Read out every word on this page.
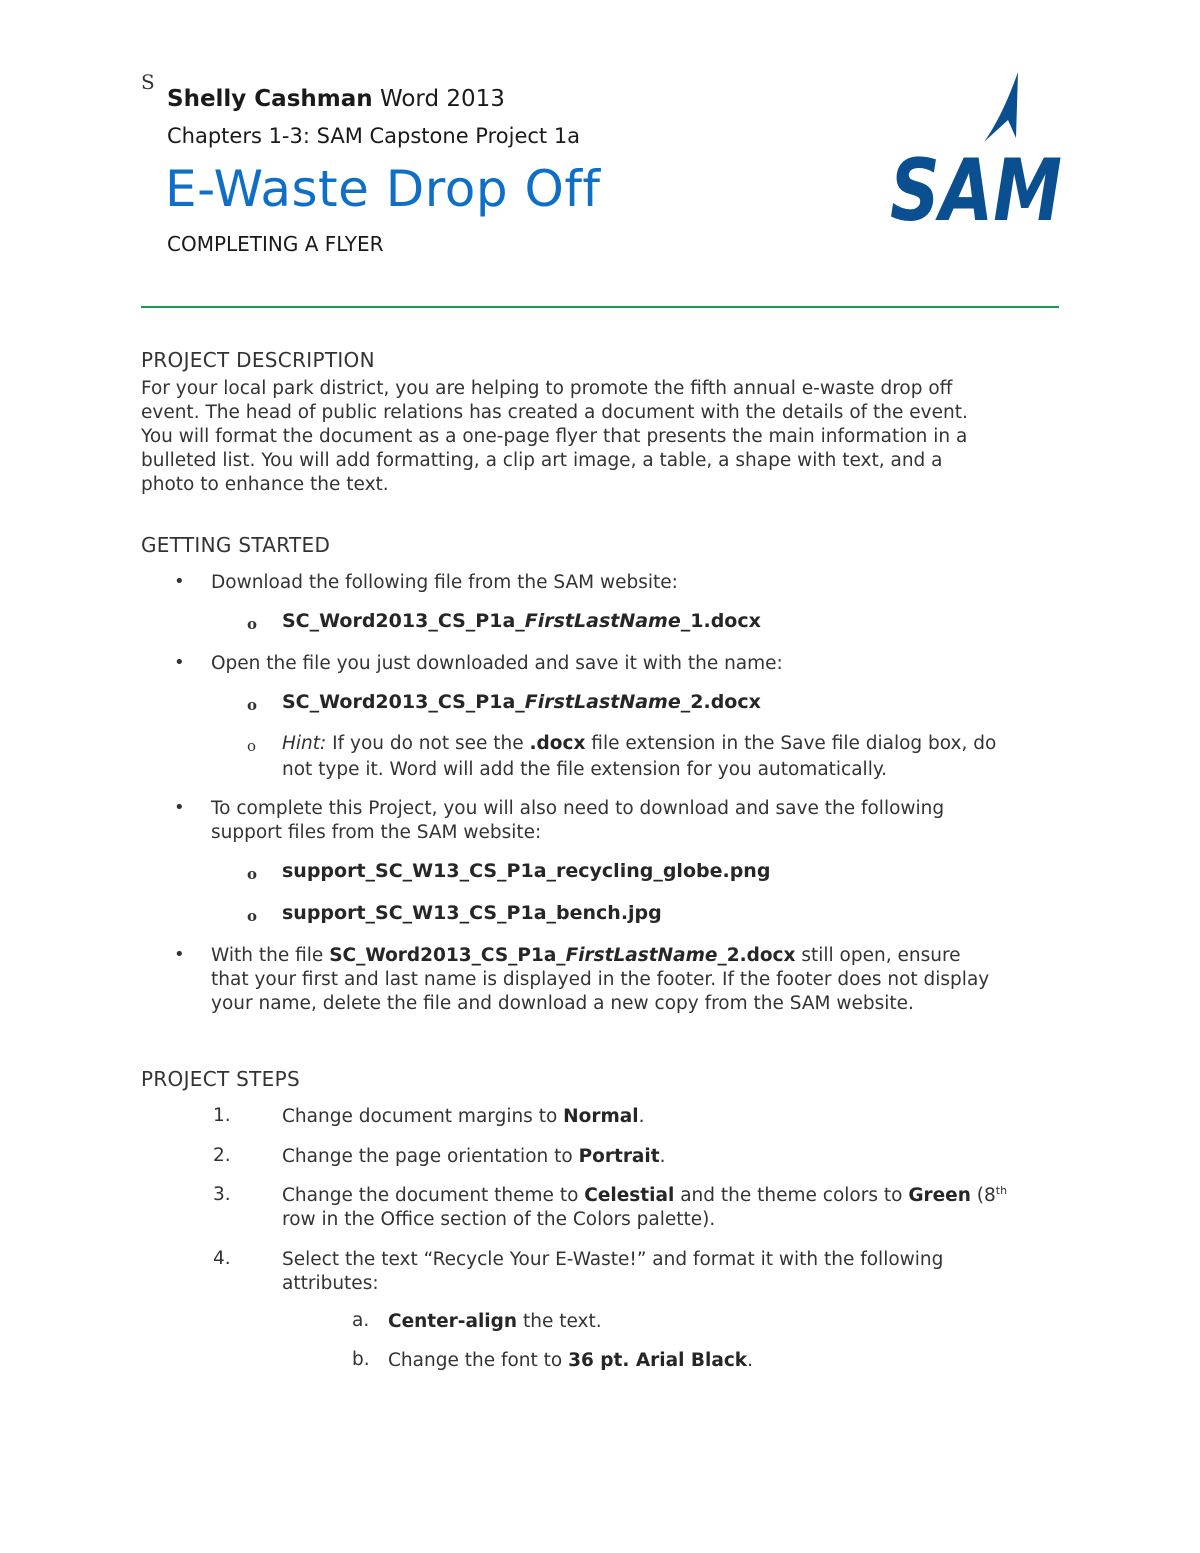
S
Shelly Cashman Word 2013
Chapters 1-3: SAM Capstone Project 1a
E-Waste Drop Off
COMPLETING A FLYER
SAM
PROJECT DESCRIPTION
For your local park district, you are helping to promote the fifth annual e-waste drop off
event. The head of public relations has created a document with the details of the event.
You will format the document as a one-page flyer that presents the main information in a
bulleted list. You will add formatting, a clip art image, a table, a shape with text, and a
photo to enhance the text.
GETTING STARTED
• Download the following file from the SAM website:
o SC_Word2013_CS_P1a_FirstLastName_1.docx
• Open the file you just downloaded and save it with the name:
o SC_Word2013_CS_P1a_FirstLastName_2.docx
o Hint: If you do not see the .docx file extension in the Save file dialog box, do
not type it. Word will add the file extension for you automatically.
• To complete this Project, you will also need to download and save the following
support files from the SAM website:
o support_SC_W13_CS_P1a_recycling_globe.png
o support_SC_W13_CS_P1a_bench.jpg
• With the file SC_Word2013_CS_P1a_FirstLastName_2.docx still open, ensure
that your first and last name is displayed in the footer. If the footer does not display
your name, delete the file and download a new copy from the SAM website.
PROJECT STEPS
1.	Change document margins to Normal.
2.	Change the page orientation to Portrait.
3.	Change the document theme to Celestial and the theme colors to Green (8th
row in the Office section of the Colors palette).
4.	Select the text “Recycle Your E-Waste!” and format it with the following
attributes:
a. Center-align the text.
b. Change the font to 36 pt. Arial Black.
